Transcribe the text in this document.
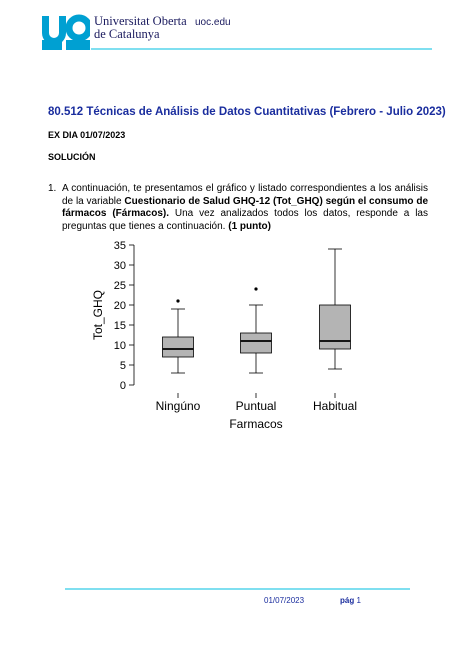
Universitat Oberta
de Catalunya
uoc.edu
80.512 Técnicas de Análisis de Datos Cuantitativas (Febrero - Julio 2023)
EX DIA 01/07/2023
SOLUCIÓN
1. A continuación, te presentamos el gráfico y listado correspondientes a los análisis de la variable Cuestionario de Salud GHQ-12 (Tot_GHQ) según el consumo de fármacos (Fármacos). Una vez analizados todos los datos, responde a las preguntas que tienes a continuación. (1 punto)
0
5
10
15
20
25
30
35
Ningúno	Puntual	Habitual
Tot_GHQ
Farmacos
01/07/2023	pág 1
